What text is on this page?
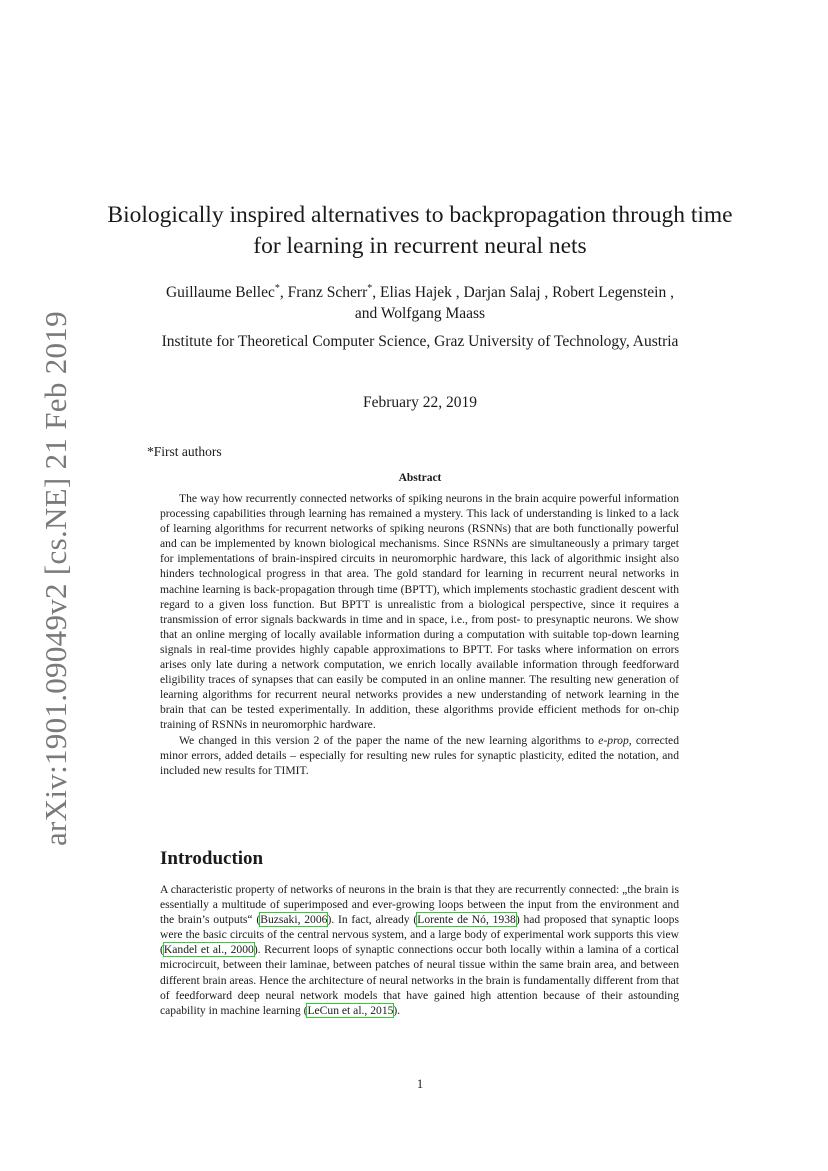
arXiv:1901.09049v2 [cs.NE] 21 Feb 2019
Biologically inspired alternatives to backpropagation through time for learning in recurrent neural nets
Guillaume Bellec*, Franz Scherr*, Elias Hajek , Darjan Salaj , Robert Legenstein ,
and Wolfgang Maass
Institute for Theoretical Computer Science, Graz University of Technology, Austria
February 22, 2019
*First authors
Abstract

The way how recurrently connected networks of spiking neurons in the brain acquire powerful information processing capabilities through learning has remained a mystery. This lack of understanding is linked to a lack of learning algorithms for recurrent networks of spiking neurons (RSNNs) that are both functionally powerful and can be implemented by known biological mechanisms. Since RSNNs are simultaneously a primary target for implementations of brain-inspired circuits in neuromorphic hardware, this lack of algorithmic insight also hinders technological progress in that area. The gold standard for learning in recurrent neural networks in machine learning is back-propagation through time (BPTT), which implements stochastic gradient descent with regard to a given loss function. But BPTT is unrealistic from a biological perspective, since it requires a transmission of error signals backwards in time and in space, i.e., from post- to presynaptic neurons. We show that an online merging of locally available information during a computation with suitable top-down learning signals in real-time provides highly capable approximations to BPTT. For tasks where information on errors arises only late during a network computation, we enrich locally available information through feedforward eligibility traces of synapses that can easily be computed in an online manner. The resulting new generation of learning algorithms for recurrent neural networks provides a new understanding of network learning in the brain that can be tested experimentally. In addition, these algorithms provide efficient methods for on-chip training of RSNNs in neuromorphic hardware.

We changed in this version 2 of the paper the name of the new learning algorithms to e-prop, corrected minor errors, added details – especially for resulting new rules for synaptic plasticity, edited the notation, and included new results for TIMIT.

Introduction

A characteristic property of networks of neurons in the brain is that they are recurrently connected: „the brain is essentially a multitude of superimposed and ever-growing loops between the input from the environment and the brain’s outputs“ (Buzsaki, 2006). In fact, already (Lorente de Nó, 1938) had proposed that synaptic loops were the basic circuits of the central nervous system, and a large body of experimental work supports this view (Kandel et al., 2000). Recurrent loops of synaptic connections occur both locally within a lamina of a cortical microcircuit, between their laminae, between patches of neural tissue within the same brain area, and between different brain areas. Hence the architecture of neural networks in the brain is fundamentally different from that of feedforward deep neural network models that have gained high attention because of their astounding capability in machine learning (LeCun et al., 2015).

1
